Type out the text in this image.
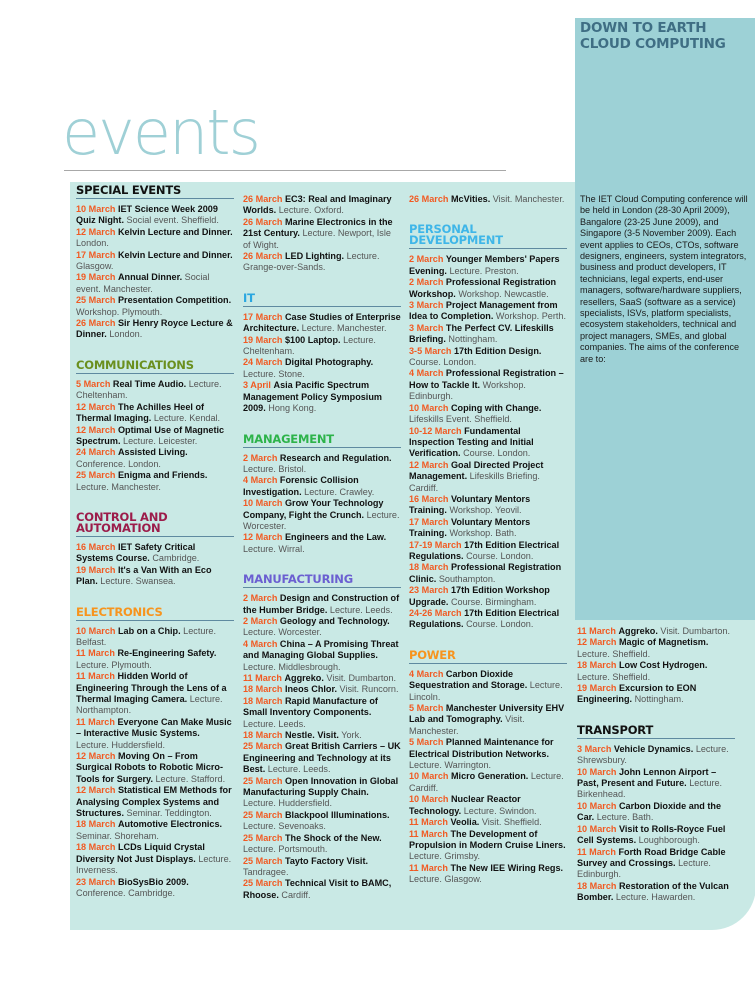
events
DOWN TO EARTH CLOUD COMPUTING
The IET Cloud Computing conference will be held in London (28-30 April 2009), Bangalore (23-25 June 2009), and Singapore (3-5 November 2009). Each event applies to CEOs, CTOs, software designers, engineers, system integrators, business and product developers, IT technicians, legal experts, end-user managers, software/hardware suppliers, resellers, SaaS (software as a service) specialists, ISVs, platform specialists, ecosystem stakeholders, technical and project managers, SMEs, and global companies. The aims of the conference are to:
SPECIAL EVENTS
10 March IET Science Week 2009 Quiz Night. Social event. Sheffield.
12 March Kelvin Lecture and Dinner. London.
17 March Kelvin Lecture and Dinner. Glasgow.
19 March Annual Dinner. Social event. Manchester.
25 March Presentation Competition. Workshop. Plymouth.
26 March Sir Henry Royce Lecture & Dinner. London.
COMMUNICATIONS
5 March Real Time Audio. Lecture. Cheltenham.
12 March The Achilles Heel of Thermal Imaging. Lecture. Kendal.
12 March Optimal Use of Magnetic Spectrum. Lecture. Leicester.
24 March Assisted Living. Conference. London.
25 March Enigma and Friends. Lecture. Manchester.
CONTROL AND AUTOMATION
16 March IET Safety Critical Systems Course. Cambridge.
19 March It's a Van With an Eco Plan. Lecture. Swansea.
ELECTRONICS
10 March Lab on a Chip. Lecture. Belfast.
11 March Re-Engineering Safety. Lecture. Plymouth.
11 March Hidden World of Engineering Through the Lens of a Thermal Imaging Camera. Lecture. Northampton.
11 March Everyone Can Make Music – Interactive Music Systems. Lecture. Huddersfield.
12 March Moving On – From Surgical Robots to Robotic Micro-Tools for Surgery. Lecture. Stafford.
12 March Statistical EM Methods for Analysing Complex Systems and Structures. Seminar. Teddington.
18 March Automotive Electronics. Seminar. Shoreham.
18 March LCDs Liquid Crystal Diversity Not Just Displays. Lecture. Inverness.
23 March BioSysBio 2009. Conference. Cambridge.
26 March EC3: Real and Imaginary Worlds. Lecture. Oxford.
26 March Marine Electronics in the 21st Century. Lecture. Newport, Isle of Wight.
26 March LED Lighting. Lecture. Grange-over-Sands.
IT
17 March Case Studies of Enterprise Architecture. Lecture. Manchester.
19 March $100 Laptop. Lecture. Cheltenham.
24 March Digital Photography. Lecture. Stone.
3 April Asia Pacific Spectrum Management Policy Symposium 2009. Hong Kong.
MANAGEMENT
2 March Research and Regulation. Lecture. Bristol.
4 March Forensic Collision Investigation. Lecture. Crawley.
10 March Grow Your Technology Company, Fight the Crunch. Lecture. Worcester.
12 March Engineers and the Law. Lecture. Wirral.
MANUFACTURING
2 March Design and Construction of the Humber Bridge. Lecture. Leeds.
2 March Geology and Technology. Lecture. Worcester.
4 March China – A Promising Threat and Managing Global Supplies. Lecture. Middlesbrough.
11 March Aggreko. Visit. Dumbarton.
18 March Ineos Chlor. Visit. Runcorn.
18 March Rapid Manufacture of Small Inventory Components. Lecture. Leeds.
18 March Nestle. Visit. York.
25 March Great British Carriers – UK Engineering and Technology at its Best. Lecture. Leeds.
25 March Open Innovation in Global Manufacturing Supply Chain. Lecture. Huddersfield.
25 March Blackpool Illuminations. Lecture. Sevenoaks.
25 March The Shock of the New. Lecture. Portsmouth.
25 March Tayto Factory Visit. Tandragee.
25 March Technical Visit to BAMC, Rhoose. Cardiff.
26 March McVities. Visit. Manchester.
PERSONAL DEVELOPMENT
2 March Younger Members' Papers Evening. Lecture. Preston.
2 March Professional Registration Workshop. Workshop. Newcastle.
3 March Project Management from Idea to Completion. Workshop. Perth.
3 March The Perfect CV. Lifeskills Briefing. Nottingham.
3-5 March 17th Edition Design. Course. London.
4 March Professional Registration – How to Tackle It. Workshop. Edinburgh.
10 March Coping with Change. Lifeskills Event. Sheffield.
10-12 March Fundamental Inspection Testing and Initial Verification. Course. London.
12 March Goal Directed Project Management. Lifeskills Briefing. Cardiff.
16 March Voluntary Mentors Training. Workshop. Yeovil.
17 March Voluntary Mentors Training. Workshop. Bath.
17-19 March 17th Edition Electrical Regulations. Course. London.
18 March Professional Registration Clinic. Southampton.
23 March 17th Edition Workshop Upgrade. Course. Birmingham.
24-26 March 17th Edition Electrical Regulations. Course. London.
POWER
4 March Carbon Dioxide Sequestration and Storage. Lecture. Lincoln.
5 March Manchester University EHV Lab and Tomography. Visit. Manchester.
5 March Planned Maintenance for Electrical Distribution Networks. Lecture. Warrington.
10 March Micro Generation. Lecture. Cardiff.
10 March Nuclear Reactor Technology. Lecture. Swindon.
11 March Veolia. Visit. Sheffield.
11 March The Development of Propulsion in Modern Cruise Liners. Lecture. Grimsby.
11 March The New IEE Wiring Regs. Lecture. Glasgow.
11 March Aggreko. Visit. Dumbarton.
12 March Magic of Magnetism. Lecture. Sheffield.
18 March Low Cost Hydrogen. Lecture. Sheffield.
19 March Excursion to EON Engineering. Nottingham.
TRANSPORT
3 March Vehicle Dynamics. Lecture. Shrewsbury.
10 March John Lennon Airport – Past, Present and Future. Lecture. Birkenhead.
10 March Carbon Dioxide and the Car. Lecture. Bath.
10 March Visit to Rolls-Royce Fuel Cell Systems. Loughborough.
11 March Forth Road Bridge Cable Survey and Crossings. Lecture. Edinburgh.
18 March Restoration of the Vulcan Bomber. Lecture. Hawarden.
